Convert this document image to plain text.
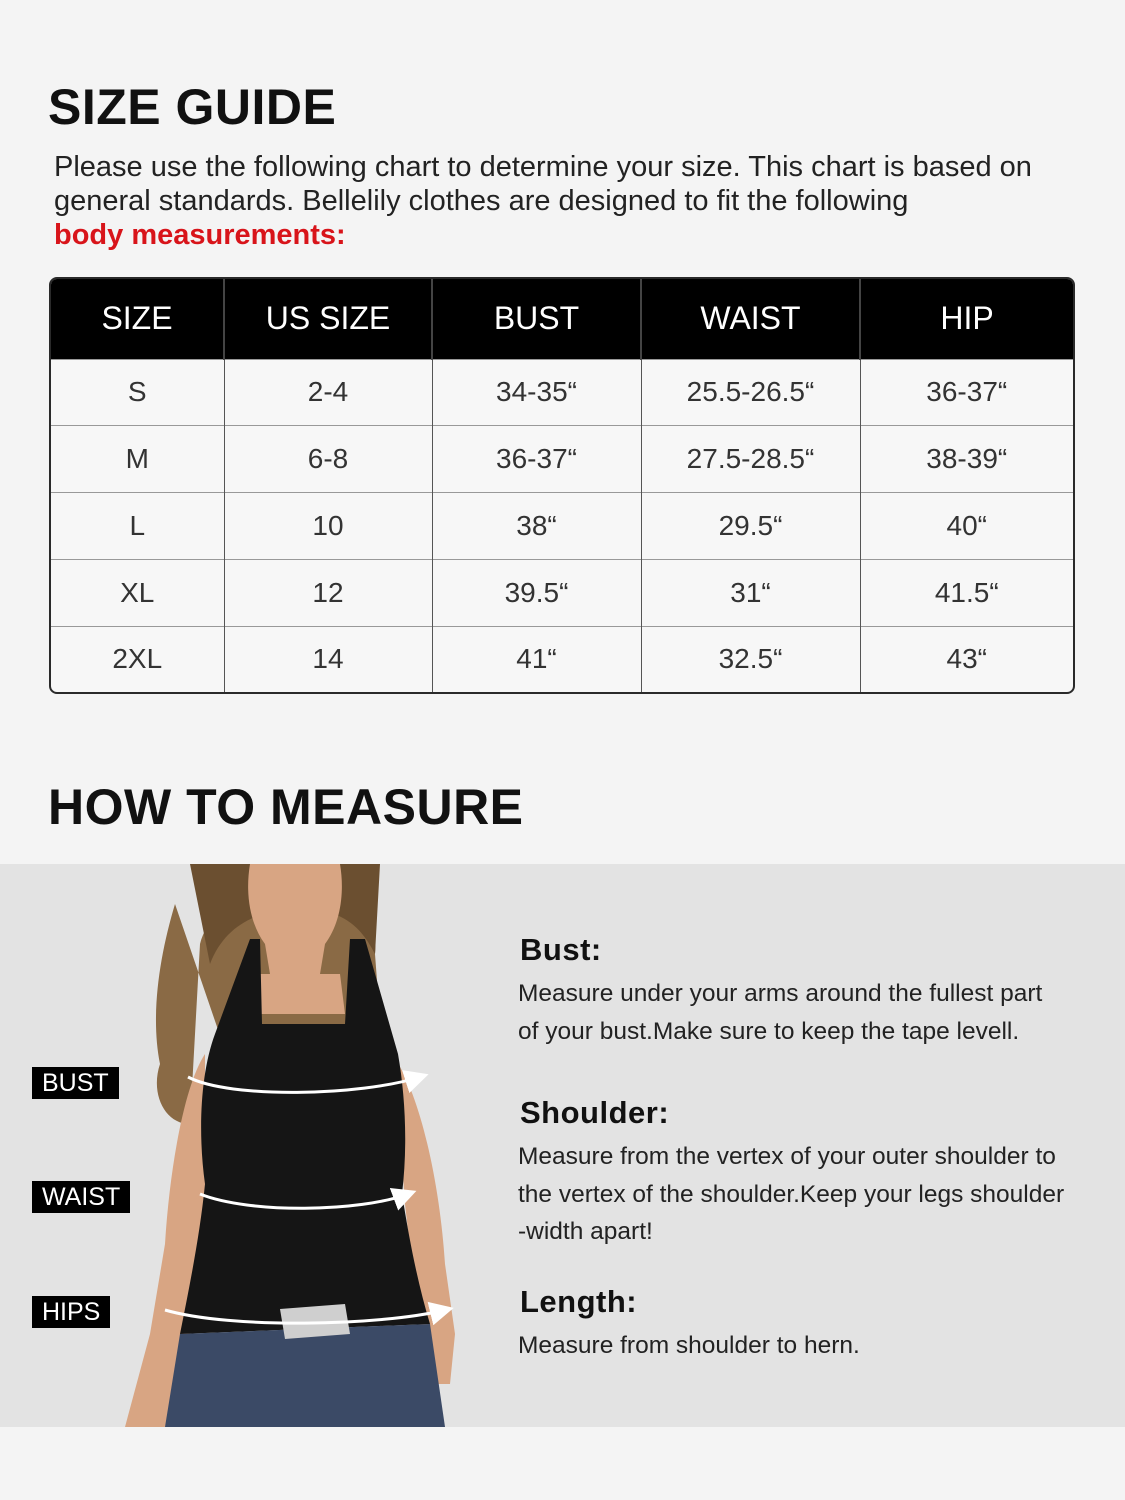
SIZE GUIDE
Please use the following chart to determine your size. This chart is based on general standards. Bellelily clothes are designed to fit the following
body measurements:
SIZE	US SIZE	BUST	WAIST	HIP
S	2-4	34-35“	25.5-26.5“	36-37“
M	6-8	36-37“	27.5-28.5“	38-39“
L	10	38“	29.5“	40“
XL	12	39.5“	31“	41.5“
2XL	14	41“	32.5“	43“
HOW TO MEASURE
BUST
WAIST
HIPS
Bust:

Measure under your arms around the fullest part

of your bust.Make sure to keep the tape levell.

Shoulder:

Measure from the vertex of your outer shoulder to

the vertex of the shoulder.Keep your legs shoulder

-width apart!

Length:

Measure from shoulder to hern.
